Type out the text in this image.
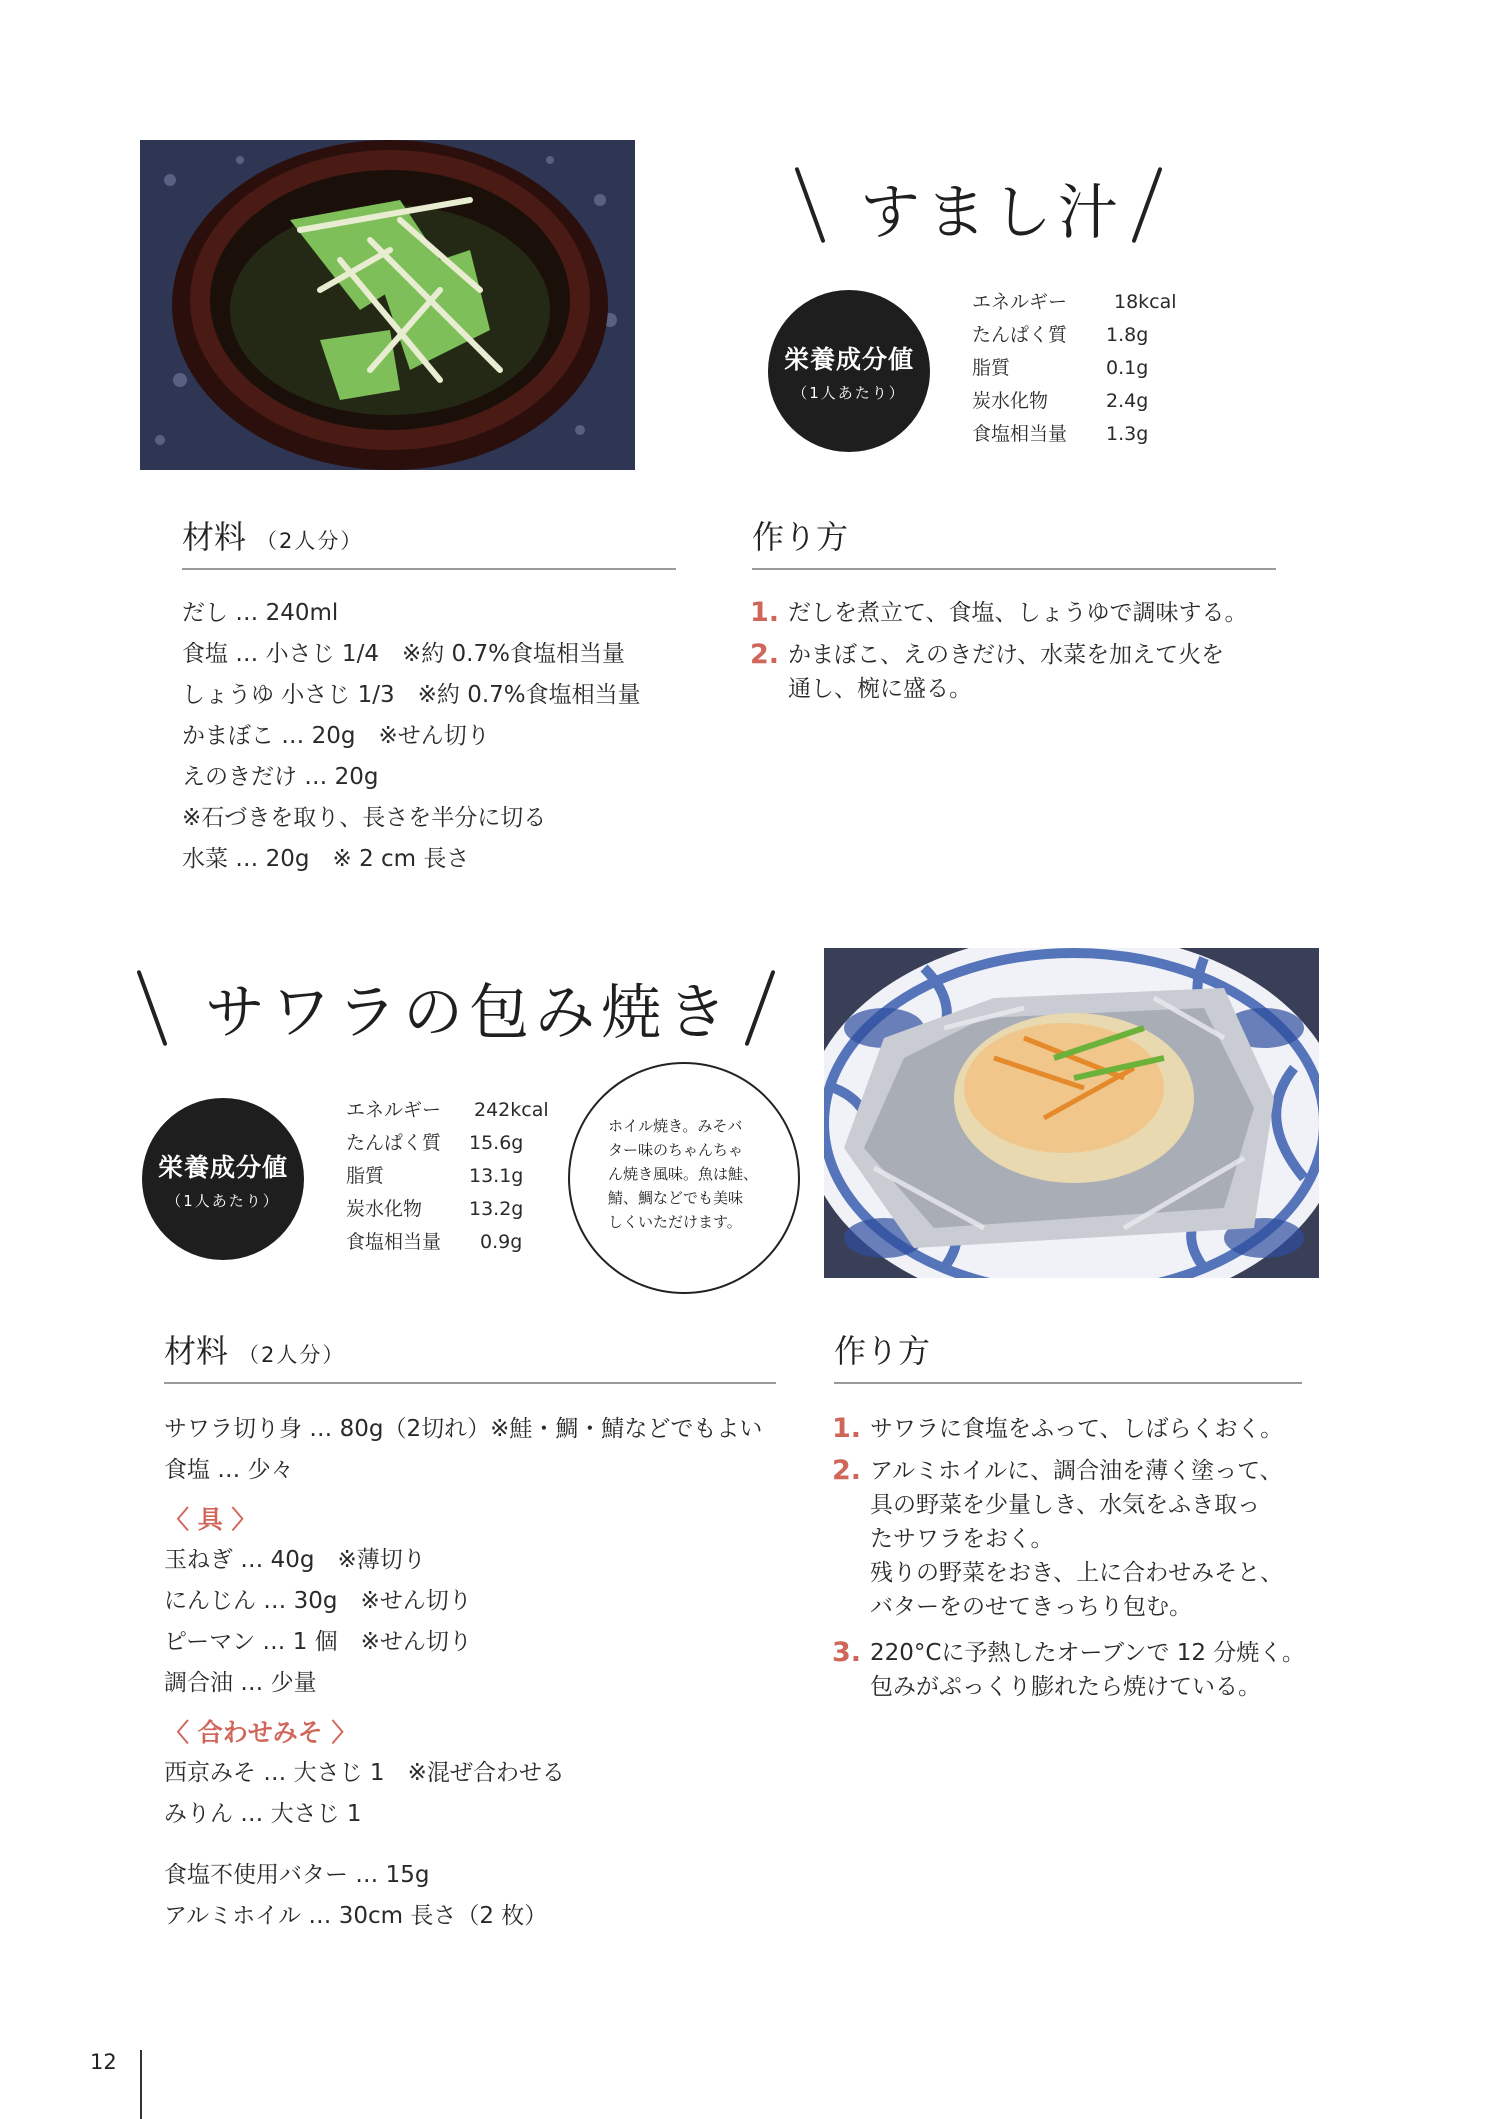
すまし汁
栄養成分値
（1人あたり）
エネルギー	18kcal
たんぱく質	1.8g
脂質	0.1g
炭水化物	2.4g
食塩相当量	1.3g
材料 （2人分）
だし … 240ml
食塩 … 小さじ 1/4　※約 0.7%食塩相当量
しょうゆ 小さじ 1/3　※約 0.7%食塩相当量
かまぼこ … 20g　※せん切り
えのきだけ … 20g
※石づきを取り、長さを半分に切る
水菜 … 20g　※ 2 cm 長さ
作り方
1. だしを煮立て、食塩、しょうゆで調味する。
2. かまぼこ、えのきだけ、水菜を加えて火を
通し、椀に盛る。
サワラの包み焼き
栄養成分値
（1人あたり）
エネルギー	242kcal
たんぱく質	15.6g
脂質	13.1g
炭水化物	13.2g
食塩相当量	0.9g
ホイル焼き。みそバ
ター味のちゃんちゃ
ん焼き風味。魚は鮭、
鯖、鯛などでも美味
しくいただけます。
材料 （2人分）
サワラ切り身 … 80g（2切れ）※鮭・鯛・鯖などでもよい
食塩 … 少々
〈 具 〉
玉ねぎ … 40g　※薄切り
にんじん … 30g　※せん切り
ピーマン … 1 個　※せん切り
調合油 … 少量
〈 合わせみそ 〉
西京みそ … 大さじ 1　※混ぜ合わせる
みりん … 大さじ 1
食塩不使用バター … 15g
アルミホイル … 30cm 長さ（2 枚）
作り方
1. サワラに食塩をふって、しばらくおく。
2. アルミホイルに、調合油を薄く塗って、
具の野菜を少量しき、水気をふき取っ
たサワラをおく。
残りの野菜をおき、上に合わせみそと、
バターをのせてきっちり包む。
3. 220°Cに予熱したオーブンで 12 分焼く。
包みがぷっくり膨れたら焼けている。
12
